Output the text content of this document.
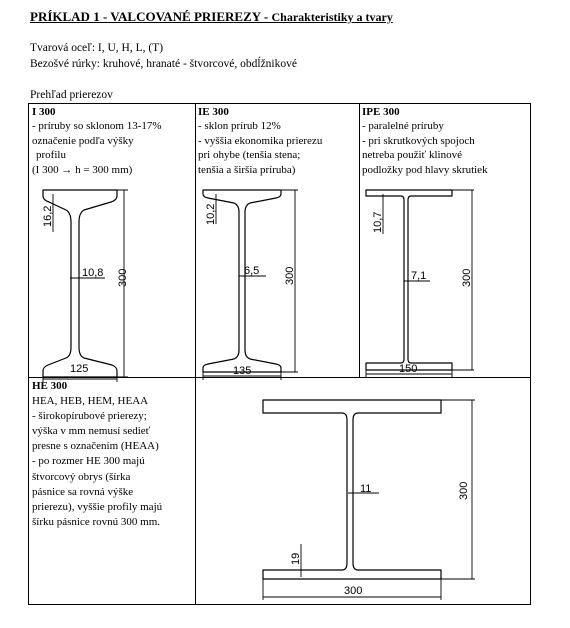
PRÍKLAD 1 - VALCOVANÉ PRIEREZY - Charakteristiky a tvary
Tvarová oceľ: I, U, H, L, (T)
Bezošvé rúrky: kruhové, hranaté - štvorcové, obdĺžnikové
Prehľad prierezov
I 300
- príruby so sklonom 13-17%
označenie podľa výšky
profilu
(I 300 → h = 300 mm)
IE 300
- sklon prírub 12%
- vyššia ekonomika prierezu
pri ohybe (tenšia stena;
tenšia a širšia príruba)
IPE 300
- paralelné príruby
- pri skrutkových spojoch
netreba použiť klinové
podložky pod hlavy skrutiek
HE 300
HEA, HEB, HEM, HEAA
- širokopírubové prierezy;
výška v mm nemusí sedieť
presne s označením (HEAA)
- po rozmer HE 300 majú
štvorcový obrys (šírka
pásnice sa rovná výške
prierezu), vyššie profily majú
šírku pásnice rovnú 300 mm.
16,2
10,8 300
125
10,2
6,5 300
135
10,7
7,1	300
150
19
11	300
300
